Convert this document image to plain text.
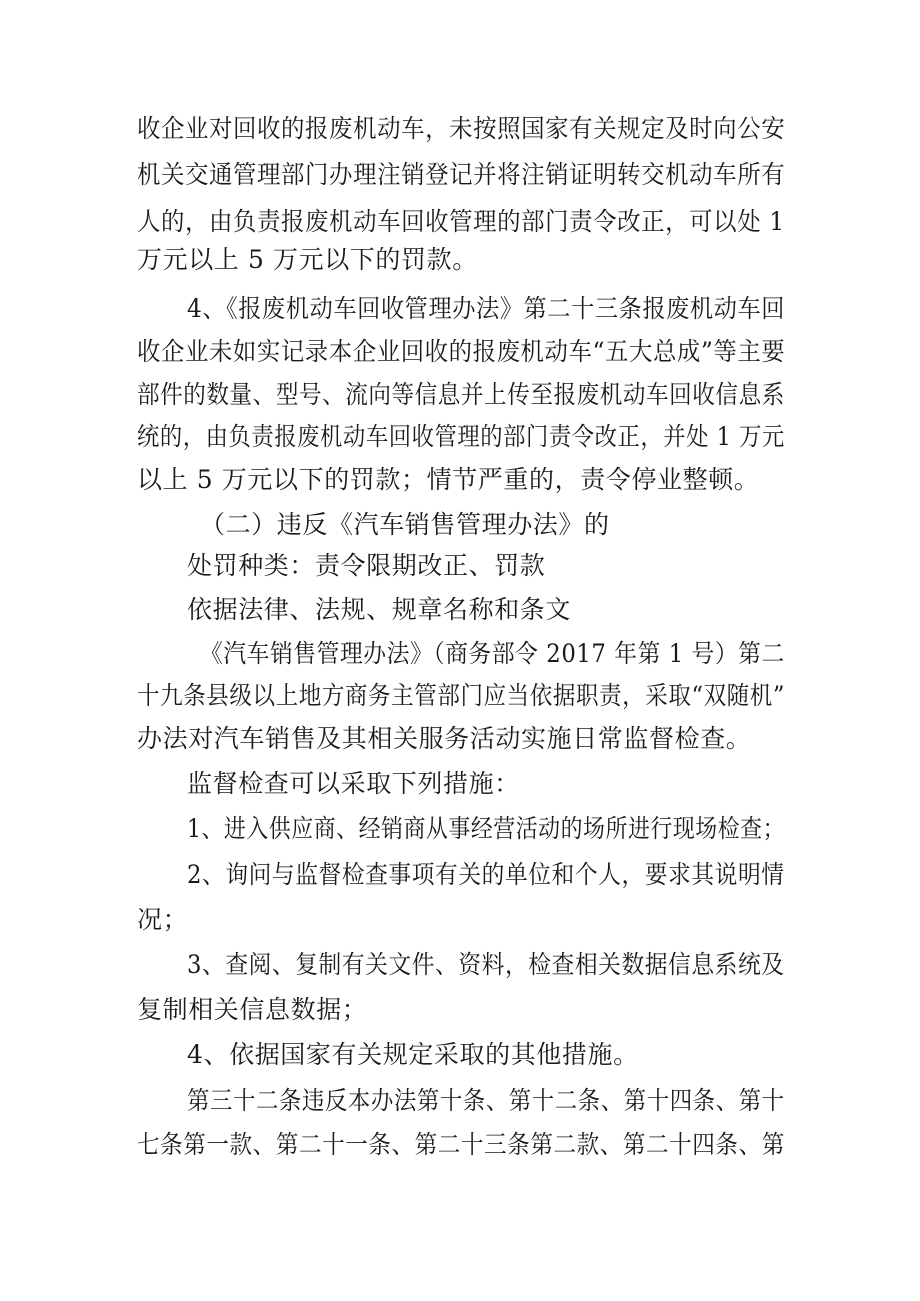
收企业对回收的报废机动车，未按照国家有关规定及时向公安
机关交通管理部门办理注销登记并将注销证明转交机动车所有
人的，由负责报废机动车回收管理的部门责令改正，可以处 1
万元以上 5 万元以下的罚款。
4、《报废机动车回收管理办法》第二十三条报废机动车回
收企业未如实记录本企业回收的报废机动车“五大总成”等主要
部件的数量、型号、流向等信息并上传至报废机动车回收信息系
统的，由负责报废机动车回收管理的部门责令改正，并处 1 万元
以上 5 万元以下的罚款；情节严重的，责令停业整顿。
（二）违反《汽车销售管理办法》的
处罚种类：责令限期改正、罚款
依据法律、法规、规章名称和条文
《汽车销售管理办法》（商务部令 2017 年第 1 号）第二
十九条县级以上地方商务主管部门应当依据职责，采取“双随机”
办法对汽车销售及其相关服务活动实施日常监督检查。
监督检查可以采取下列措施：
1、进入供应商、经销商从事经营活动的场所进行现场检查；
2、询问与监督检查事项有关的单位和个人，要求其说明情
况；
3、查阅、复制有关文件、资料，检查相关数据信息系统及
复制相关信息数据；
4、依据国家有关规定采取的其他措施。
第三十二条违反本办法第十条、第十二条、第十四条、第十
七条第一款、第二十一条、第二十三条第二款、第二十四条、第
